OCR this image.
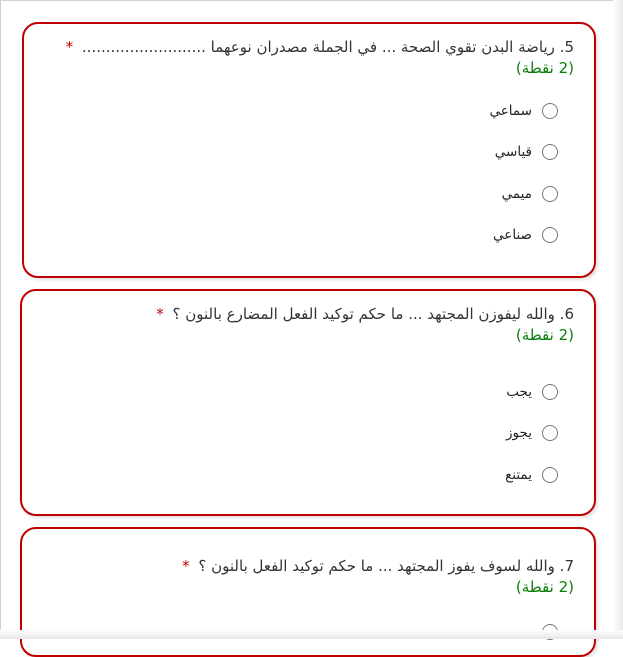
5. رياضة البدن تقوي الصحة ... في الجملة مصدران نوعهما .......................... *
(2 نقطة)
سماعي
قياسي
ميمي
صناعي
6. والله ليفوزن المجتهد ... ما حكم توكيد الفعل المضارع بالنون ؟ *
(2 نقطة)
يجب
يجوز
يمتنع
7. والله لسوف يفوز المجتهد ... ما حكم توكيد الفعل بالنون ؟ *
(2 نقطة)
